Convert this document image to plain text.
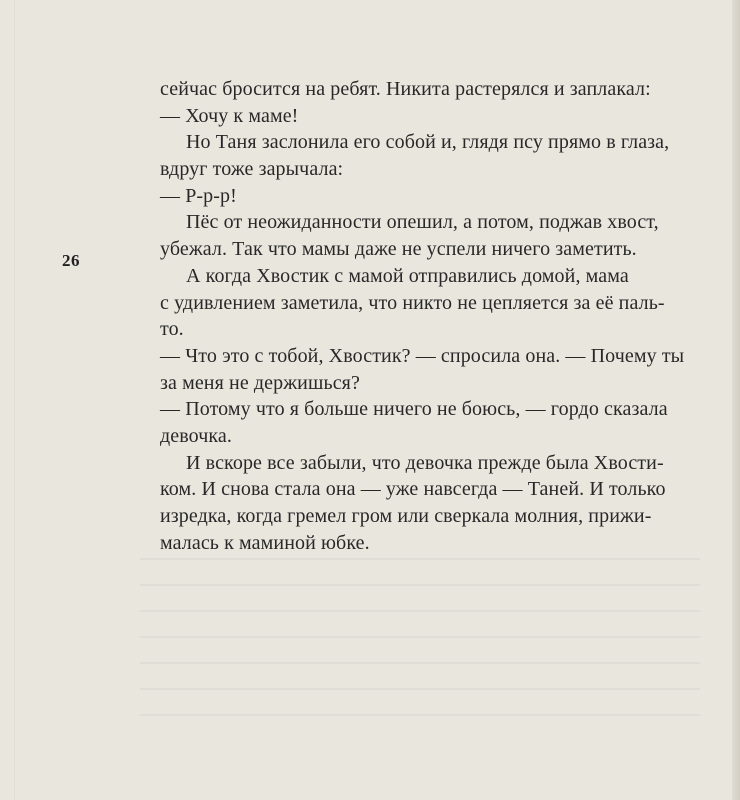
26
сейчас бросится на ребят. Никита растерялся и заплакал:
— Хочу к маме!
Но Таня заслонила его собой и, глядя псу прямо в глаза,
вдруг тоже зарычала:
— Р-р-р!
Пёс от неожиданности опешил, а потом, поджав хвост,
убежал. Так что мамы даже не успели ничего заметить.
А когда Хвостик с мамой отправились домой, мама
с удивлением заметила, что никто не цепляется за её паль-
то.
— Что это с тобой, Хвостик? — спросила она. — Почему ты
за меня не держишься?
— Потому что я больше ничего не боюсь, — гордо сказала
девочка.
И вскоре все забыли, что девочка прежде была Хвости-
ком. И снова стала она — уже навсегда — Таней. И только
изредка, когда гремел гром или сверкала молния, прижи-
малась к маминой юбке.
